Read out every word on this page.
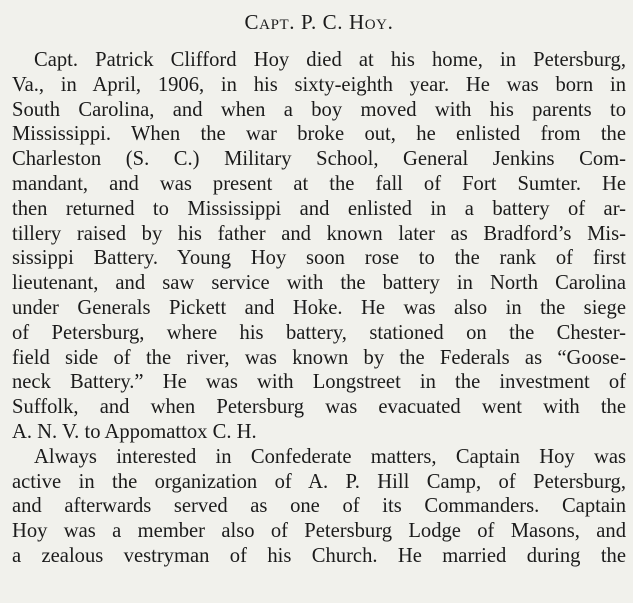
Capt. P. C. Hoy.
Capt. Patrick Clifford Hoy died at his home, in Petersburg,
Va., in April, 1906, in his sixty-eighth year. He was born in
South Carolina, and when a boy moved with his parents to
Mississippi. When the war broke out, he enlisted from the
Charleston (S. C.) Military School, General Jenkins Com-
mandant, and was present at the fall of Fort Sumter. He
then returned to Mississippi and enlisted in a battery of ar-
tillery raised by his father and known later as Bradford’s Mis-
sissippi Battery. Young Hoy soon rose to the rank of first
lieutenant, and saw service with the battery in North Carolina
under Generals Pickett and Hoke. He was also in the siege
of Petersburg, where his battery, stationed on the Chester-
field side of the river, was known by the Federals as “Goose-
neck Battery.” He was with Longstreet in the investment of
Suffolk, and when Petersburg was evacuated went with the
A. N. V. to Appomattox C. H.
Always interested in Confederate matters, Captain Hoy was
active in the organization of A. P. Hill Camp, of Petersburg,
and afterwards served as one of its Commanders. Captain
Hoy was a member also of Petersburg Lodge of Masons, and
a zealous vestryman of his Church. He married during the
